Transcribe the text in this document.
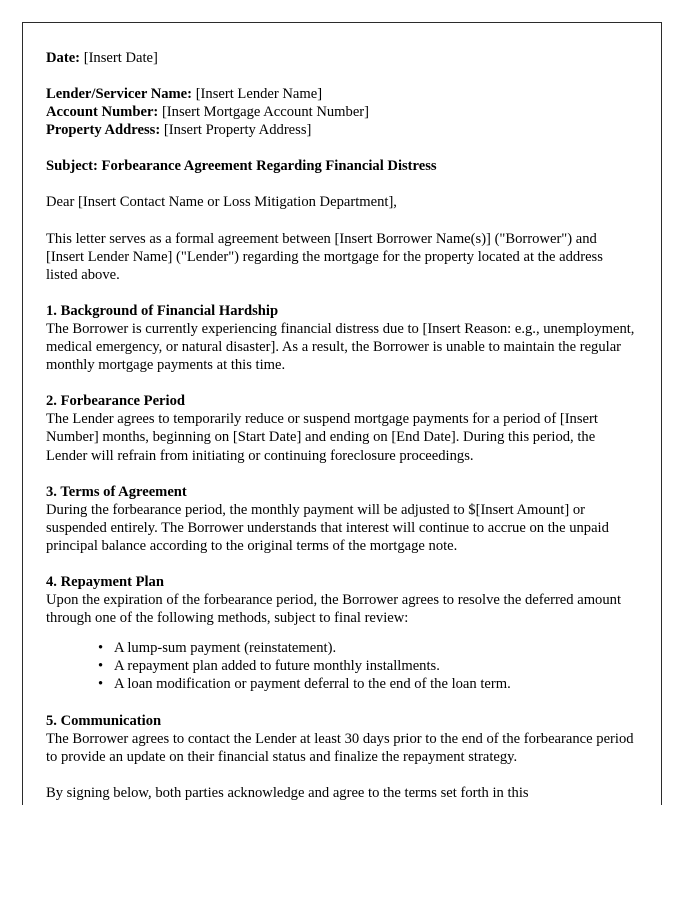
Date: [Insert Date]
Lender/Servicer Name: [Insert Lender Name]
Account Number: [Insert Mortgage Account Number]
Property Address: [Insert Property Address]

Subject: Forbearance Agreement Regarding Financial Distress

Dear [Insert Contact Name or Loss Mitigation Department],

This letter serves as a formal agreement between [Insert Borrower Name(s)] ("Borrower") and [Insert Lender Name] ("Lender") regarding the mortgage for the property located at the address listed above.

1. Background of Financial Hardship

The Borrower is currently experiencing financial distress due to [Insert Reason: e.g., unemployment, medical emergency, or natural disaster]. As a result, the Borrower is unable to maintain the regular monthly mortgage payments at this time.

2. Forbearance Period

The Lender agrees to temporarily reduce or suspend mortgage payments for a period of [Insert Number] months, beginning on [Start Date] and ending on [End Date]. During this period, the Lender will refrain from initiating or continuing foreclosure proceedings.

3. Terms of Agreement

During the forbearance period, the monthly payment will be adjusted to $[Insert Amount] or suspended entirely. The Borrower understands that interest will continue to accrue on the unpaid principal balance according to the original terms of the mortgage note.

4. Repayment Plan

Upon the expiration of the forbearance period, the Borrower agrees to resolve the deferred amount through one of the following methods, subject to final review:

• A lump-sum payment (reinstatement).
• A repayment plan added to future monthly installments.
• A loan modification or payment deferral to the end of the loan term.

5. Communication

The Borrower agrees to contact the Lender at least 30 days prior to the end of the forbearance period to provide an update on their financial status and finalize the repayment strategy.

By signing below, both parties acknowledge and agree to the terms set forth in this
